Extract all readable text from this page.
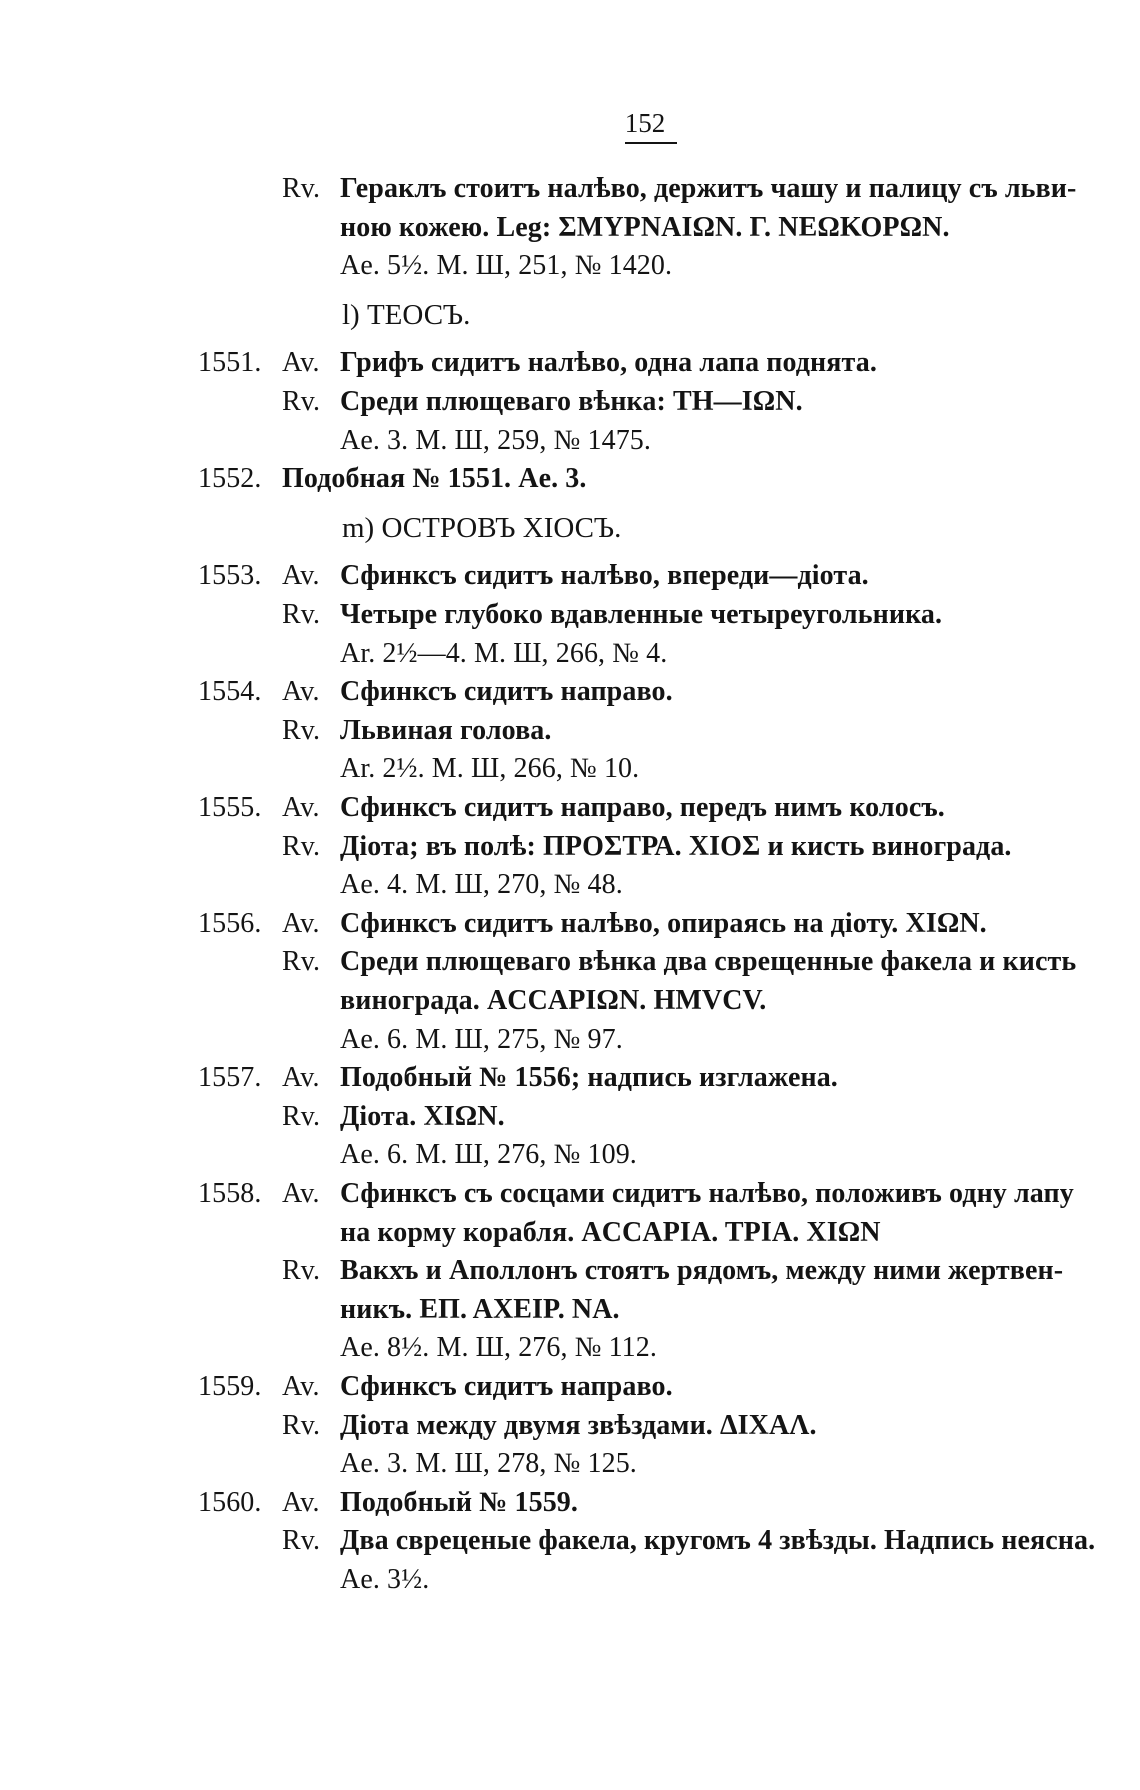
152
Rv. Гераклъ стоитъ налѣво, держитъ чашу и палицу съ льви-
ною кожею. Leg: ΣΜΥΡΝΑΙΩΝ. Γ. ΝΕΩΚΟΡΩΝ.
Ae. 5½. M. Ш, 251, № 1420.
l) ТЕОСЪ.
1551. Av. Грифъ сидитъ налѣво, одна лапа поднята.
Rv. Среди плющеваго вѣнка: ΤΗ—ΙΩΝ.
Ae. 3. M. Ш, 259, № 1475.
1552. Подобная № 1551. Ae. 3.
m) ОСТРОВЪ ХІОСЪ.
1553. Av. Сфинксъ сидитъ налѣво, впереди—діота.
Rv. Четыре глубоко вдавленные четыреугольника.
Ar. 2½—4. M. Ш, 266, № 4.
1554. Av. Сфинксъ сидитъ направо.
Rv. Львиная голова.
Ar. 2½. M. Ш, 266, № 10.
1555. Av. Сфинксъ сидитъ направо, передъ нимъ колосъ.
Rv. Діота; въ полѣ: ΠΡΟΣΤΡΑ. ΧΙΟΣ и кисть винограда.
Ae. 4. M. Ш, 270, № 48.
1556. Av. Сфинксъ сидитъ налѣво, опираясь на діоту. ΧΙΩΝ.
Rv. Среди плющеваго вѣнка два сврещенные факела и кисть
винограда. ΑССΑΡΙΩΝ. ΗΜVCV.
Ae. 6. M. Ш, 275, № 97.
1557. Av. Подобный № 1556; надпись изглажена.
Rv. Діота. ΧΙΩΝ.
Ae. 6. M. Ш, 276, № 109.
1558. Av. Сфинксъ съ сосцами сидитъ налѣво, положивъ одну лапу
на корму корабля. ΑССΑΡΙΑ. ΤΡΙΑ. ΧΙΩΝ
Rv. Вакхъ и Аполлонъ стоятъ рядомъ, между ними жертвен-
никъ. ΕΠ. ΑΧΕΙΡ. ΝΑ.
Ae. 8½. M. Ш, 276, № 112.
1559. Av. Сфинксъ сидитъ направо.
Rv. Діота между двумя звѣздами. ΔΙΧΑΛ.
Ae. 3. M. Ш, 278, № 125.
1560. Av. Подобный № 1559.
Rv. Два свреценые факела, кругомъ 4 звѣзды. Надпись неясна.
Ae. 3½.
